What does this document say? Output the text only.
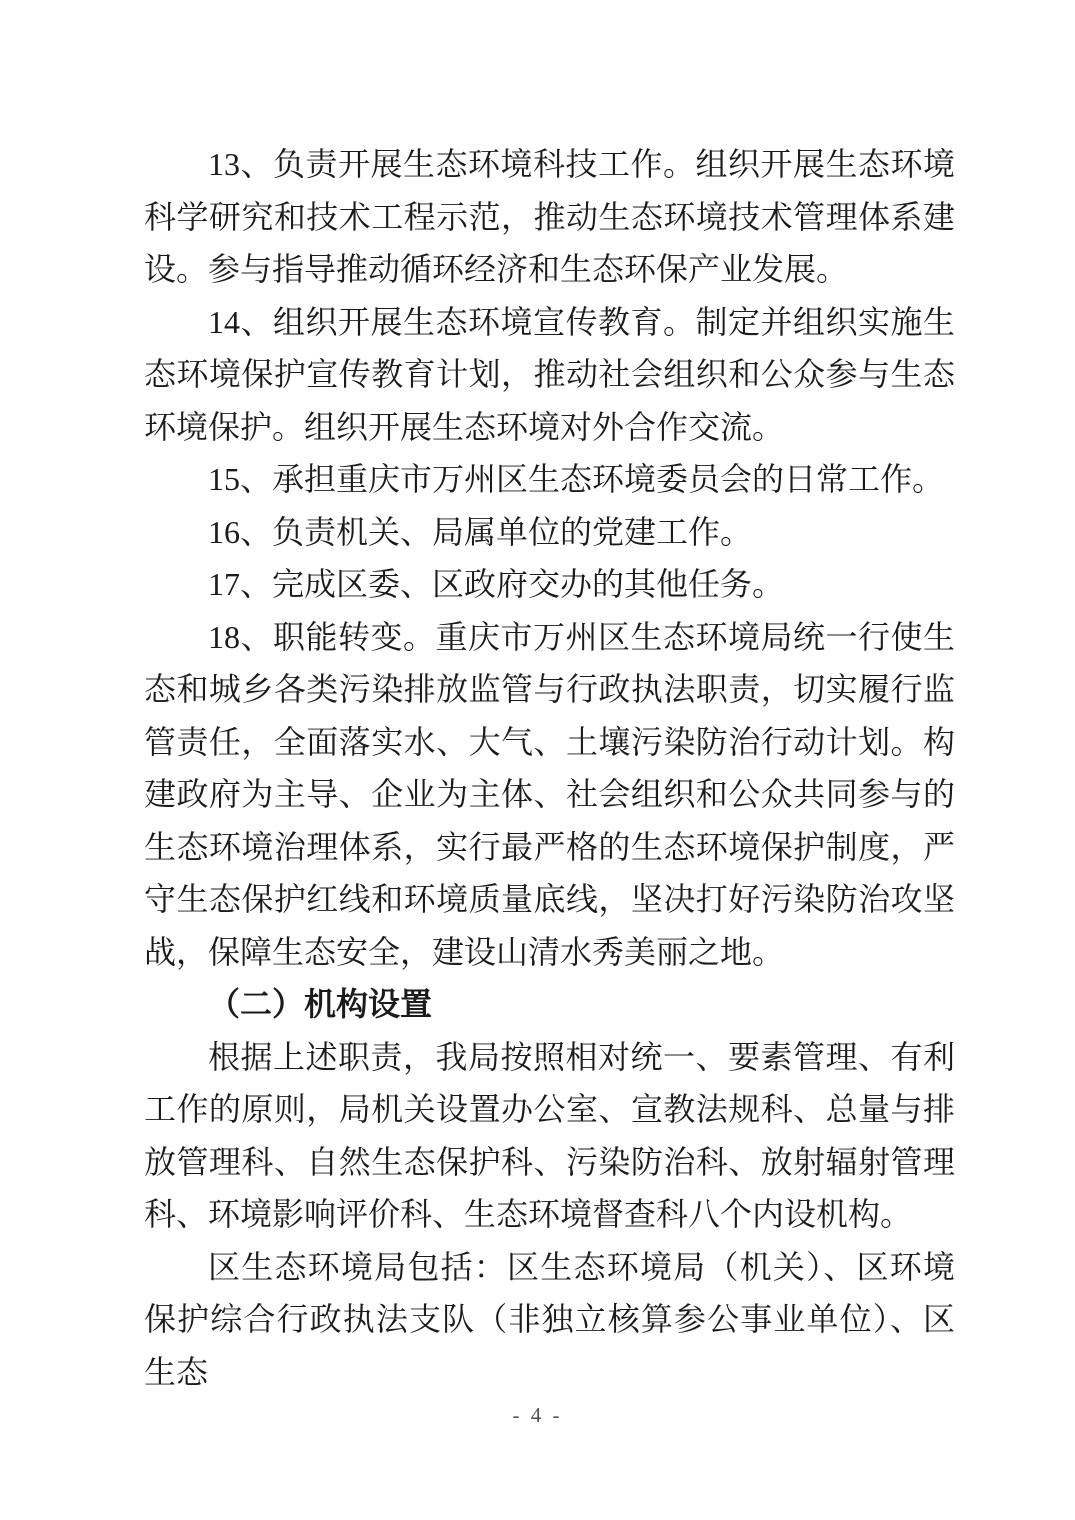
13、负责开展生态环境科技工作。组织开展生态环境科学研究和技术工程示范，推动生态环境技术管理体系建设。参与指导推动循环经济和生态环保产业发展。

14、组织开展生态环境宣传教育。制定并组织实施生态环境保护宣传教育计划，推动社会组织和公众参与生态环境保护。组织开展生态环境对外合作交流。

15、承担重庆市万州区生态环境委员会的日常工作。

16、负责机关、局属单位的党建工作。

17、完成区委、区政府交办的其他任务。

18、职能转变。重庆市万州区生态环境局统一行使生态和城乡各类污染排放监管与行政执法职责，切实履行监管责任，全面落实水、大气、土壤污染防治行动计划。构建政府为主导、企业为主体、社会组织和公众共同参与的生态环境治理体系，实行最严格的生态环境保护制度，严守生态保护红线和环境质量底线，坚决打好污染防治攻坚战，保障生态安全，建设山清水秀美丽之地。

（二）机构设置

根据上述职责，我局按照相对统一、要素管理、有利工作的原则，局机关设置办公室、宣教法规科、总量与排放管理科、自然生态保护科、污染防治科、放射辐射管理科、环境影响评价科、生态环境督查科八个内设机构。

区生态环境局包括：区生态环境局（机关）、区环境保护综合行政执法支队（非独立核算参公事业单位）、区生态

- 4 -
